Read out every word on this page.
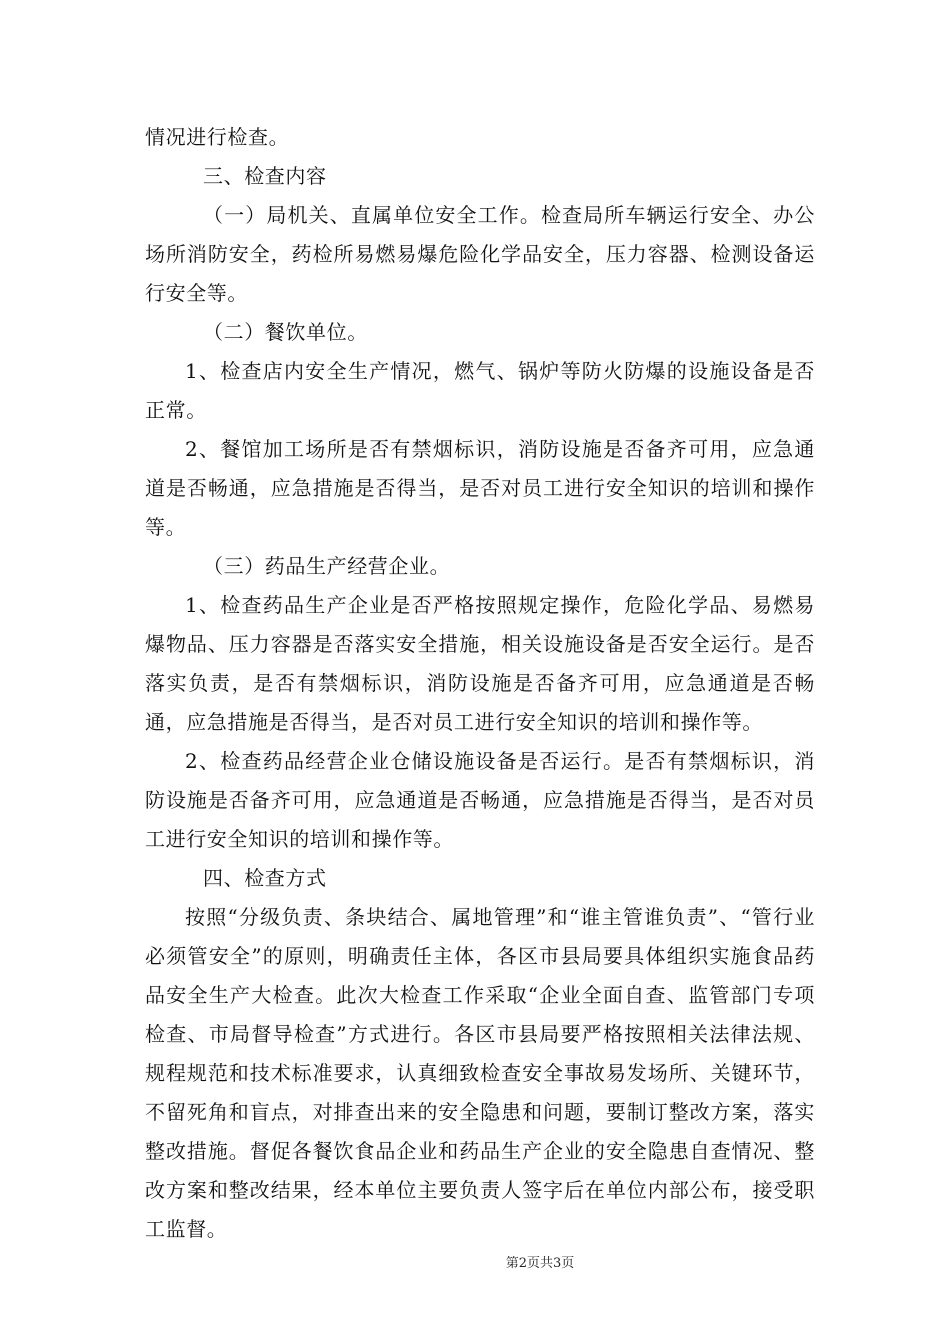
情况进行检查。

三、检查内容

（一）局机关、直属单位安全工作。检查局所车辆运行安全、办公场所消防安全，药检所易燃易爆危险化学品安全，压力容器、检测设备运行安全等。

（二）餐饮单位。

1、检查店内安全生产情况，燃气、锅炉等防火防爆的设施设备是否正常。

2、餐馆加工场所是否有禁烟标识，消防设施是否备齐可用，应急通道是否畅通，应急措施是否得当，是否对员工进行安全知识的培训和操作等。

（三）药品生产经营企业。

1、检查药品生产企业是否严格按照规定操作，危险化学品、易燃易爆物品、压力容器是否落实安全措施，相关设施设备是否安全运行。是否落实负责，是否有禁烟标识，消防设施是否备齐可用，应急通道是否畅通，应急措施是否得当，是否对员工进行安全知识的培训和操作等。

2、检查药品经营企业仓储设施设备是否运行。是否有禁烟标识，消防设施是否备齐可用，应急通道是否畅通，应急措施是否得当，是否对员工进行安全知识的培训和操作等。

四、检查方式

按照“分级负责、条块结合、属地管理”和“谁主管谁负责”、“管行业必须管安全”的原则，明确责任主体，各区市县局要具体组织实施食品药品安全生产大检查。此次大检查工作采取“企业全面自查、监管部门专项检查、市局督导检查”方式进行。各区市县局要严格按照相关法律法规、规程规范和技术标准要求，认真细致检查安全事故易发场所、关键环节，不留死角和盲点，对排查出来的安全隐患和问题，要制订整改方案，落实整改措施。督促各餐饮食品企业和药品生产企业的安全隐患自查情况、整改方案和整改结果，经本单位主要负责人签字后在单位内部公布，接受职工监督。

第2页共3页
